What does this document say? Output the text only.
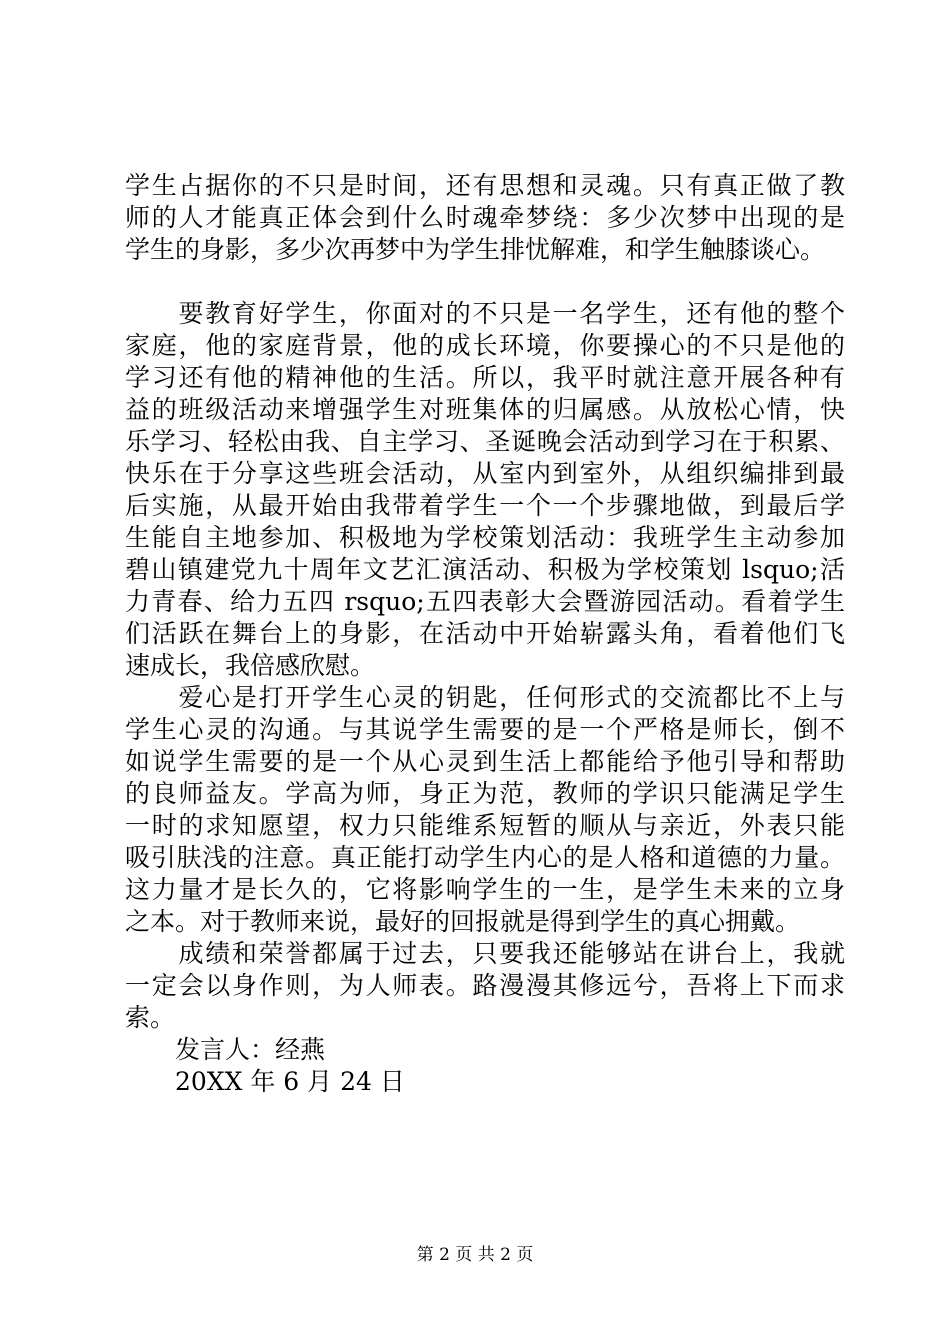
学生占据你的不只是时间，还有思想和灵魂。只有真正做了教
师的人才能真正体会到什么时魂牵梦绕：多少次梦中出现的是
学生的身影，多少次再梦中为学生排忧解难，和学生触膝谈心。
　　要教育好学生，你面对的不只是一名学生，还有他的整个
家庭，他的家庭背景，他的成长环境，你要操心的不只是他的
学习还有他的精神他的生活。所以，我平时就注意开展各种有
益的班级活动来增强学生对班集体的归属感。从放松心情，快
乐学习、轻松由我、自主学习、圣诞晚会活动到学习在于积累、
快乐在于分享这些班会活动，从室内到室外，从组织编排到最
后实施，从最开始由我带着学生一个一个步骤地做，到最后学
生能自主地参加、积极地为学校策划活动：我班学生主动参加
碧山镇建党九十周年文艺汇演活动、积极为学校策划 lsquo;活
力青春、给力五四 rsquo;五四表彰大会暨游园活动。看着学生
们活跃在舞台上的身影，在活动中开始崭露头角，看着他们飞
速成长，我倍感欣慰。
　　爱心是打开学生心灵的钥匙，任何形式的交流都比不上与
学生心灵的沟通。与其说学生需要的是一个严格是师长，倒不
如说学生需要的是一个从心灵到生活上都能给予他引导和帮助
的良师益友。学高为师，身正为范，教师的学识只能满足学生
一时的求知愿望，权力只能维系短暂的顺从与亲近，外表只能
吸引肤浅的注意。真正能打动学生内心的是人格和道德的力量。
这力量才是长久的，它将影响学生的一生，是学生未来的立身
之本。对于教师来说，最好的回报就是得到学生的真心拥戴。
　　成绩和荣誉都属于过去，只要我还能够站在讲台上，我就
一定会以身作则，为人师表。路漫漫其修远兮，吾将上下而求
索。
　　发言人：经燕
　　20XX 年 6 月 24 日
第 2 页 共 2 页
